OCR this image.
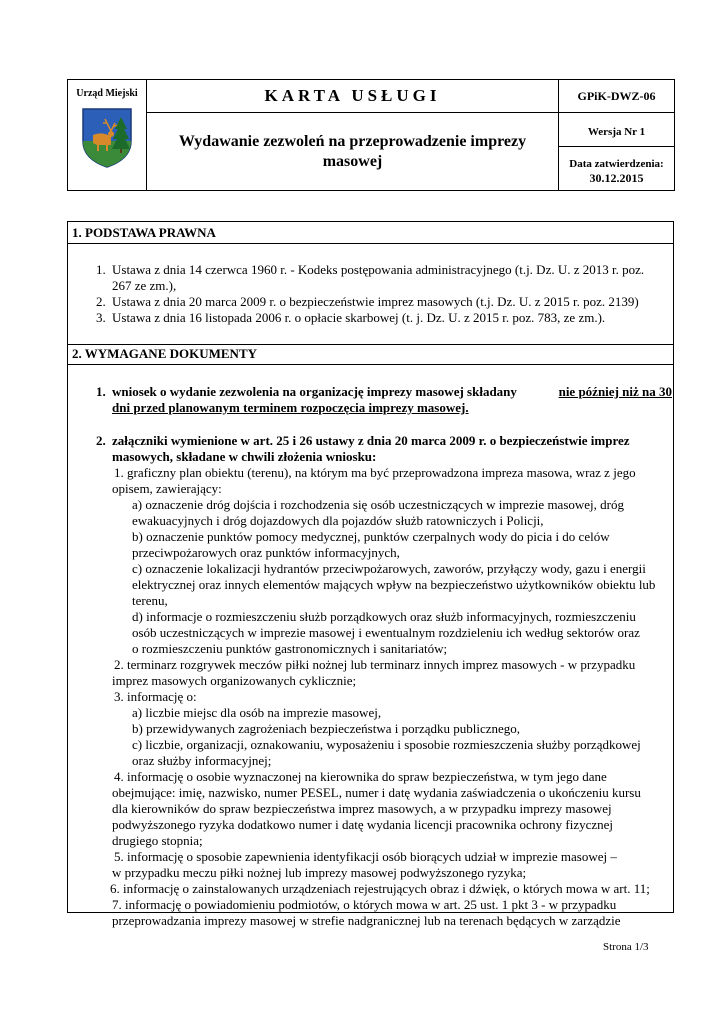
Urząd Miejski	KARTA USŁUGI	GPiK-DWZ-06

	Wydawanie zezwoleń na przeprowadzenie imprezy masowej	Wersja Nr 1
Data zatwierdzenia:
30.12.2015
1. PODSTAWA PRAWNA
1. Ustawa z dnia 14 czerwca 1960 r. - Kodeks postępowania administracyjnego (t.j. Dz. U. z 2013 r. poz.
267 ze zm.),
2. Ustawa z dnia 20 marca 2009 r. o bezpieczeństwie imprez masowych (t.j. Dz. U. z 2015 r. poz. 2139)
3. Ustawa z dnia 16 listopada 2006 r. o opłacie skarbowej (t. j. Dz. U. z 2015 r. poz. 783, ze zm.).
2. WYMAGANE DOKUMENTY
1. wniosek o wydanie zezwolenia na organizację imprezy masowej składany	nie później niż na 30
dni przed planowanym terminem rozpoczęcia imprezy masowej.
2. załączniki wymienione w art. 25 i 26 ustawy z dnia 20 marca 2009 r. o bezpieczeństwie imprez
masowych, składane w chwili złożenia wniosku:
1. graficzny plan obiektu (terenu), na którym ma być przeprowadzona impreza masowa, wraz z jego
opisem, zawierający:
a) oznaczenie dróg dojścia i rozchodzenia się osób uczestniczących w imprezie masowej, dróg
ewakuacyjnych i dróg dojazdowych dla pojazdów służb ratowniczych i Policji,
b) oznaczenie punktów pomocy medycznej, punktów czerpalnych wody do picia i do celów
przeciwpożarowych oraz punktów informacyjnych,
c) oznaczenie lokalizacji hydrantów przeciwpożarowych, zaworów, przyłączy wody, gazu i energii
elektrycznej oraz innych elementów mających wpływ na bezpieczeństwo użytkowników obiektu lub
terenu,
d) informacje o rozmieszczeniu służb porządkowych oraz służb informacyjnych, rozmieszczeniu
osób uczestniczących w imprezie masowej i ewentualnym rozdzieleniu ich według sektorów oraz
o rozmieszczeniu punktów gastronomicznych i sanitariatów;
2. terminarz rozgrywek meczów piłki nożnej lub terminarz innych imprez masowych - w przypadku
imprez masowych organizowanych cyklicznie;
3. informację o:
a) liczbie miejsc dla osób na imprezie masowej,
b) przewidywanych zagrożeniach bezpieczeństwa i porządku publicznego,
c) liczbie, organizacji, oznakowaniu, wyposażeniu i sposobie rozmieszczenia służby porządkowej
oraz służby informacyjnej;
4. informację o osobie wyznaczonej na kierownika do spraw bezpieczeństwa, w tym jego dane
obejmujące: imię, nazwisko, numer PESEL, numer i datę wydania zaświadczenia o ukończeniu kursu
dla kierowników do spraw bezpieczeństwa imprez masowych, a w przypadku imprezy masowej
podwyższonego ryzyka dodatkowo numer i datę wydania licencji pracownika ochrony fizycznej
drugiego stopnia;
5. informację o sposobie zapewnienia identyfikacji osób biorących udział w imprezie masowej –
w przypadku meczu piłki nożnej lub imprezy masowej podwyższonego ryzyka;
6. informację o zainstalowanych urządzeniach rejestrujących obraz i dźwięk, o których mowa w art. 11;
7. informację o powiadomieniu podmiotów, o których mowa w art. 25 ust. 1 pkt 3 - w przypadku
przeprowadzania imprezy masowej w strefie nadgranicznej lub na terenach będących w zarządzie
Strona 1/3
